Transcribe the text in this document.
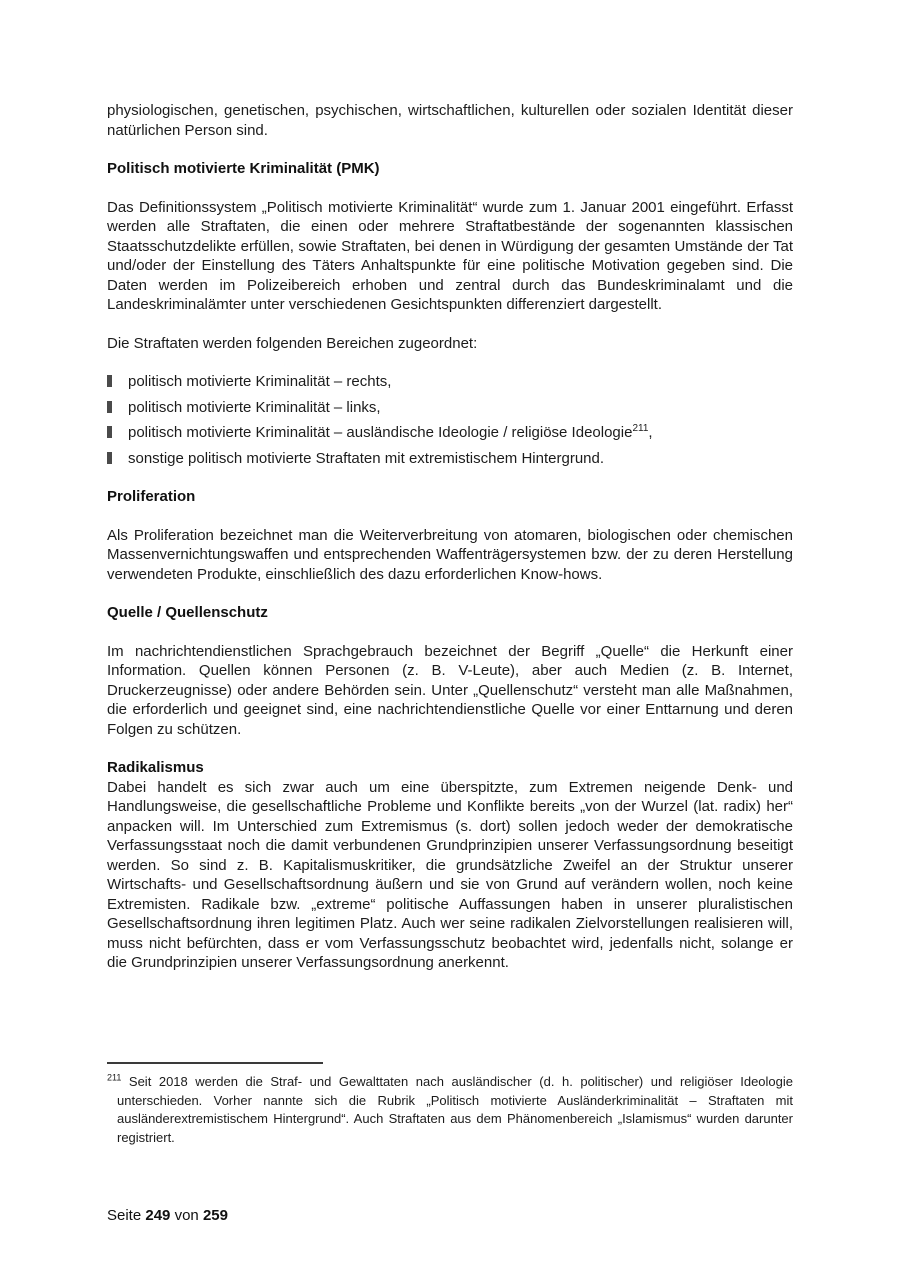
physiologischen, genetischen, psychischen, wirtschaftlichen, kulturellen oder sozialen Identität dieser natürlichen Person sind.

Politisch motivierte Kriminalität (PMK)

Das Definitionssystem „Politisch motivierte Kriminalität“ wurde zum 1. Januar 2001 eingeführt. Erfasst werden alle Straftaten, die einen oder mehrere Straftatbestände der sogenannten klassischen Staatsschutzdelikte erfüllen, sowie Straftaten, bei denen in Würdigung der gesamten Umstände der Tat und/oder der Einstellung des Täters Anhaltspunkte für eine politische Motivation gegeben sind. Die Daten werden im Polizeibereich erhoben und zentral durch das Bundeskriminalamt und die Landeskriminalämter unter verschiedenen Gesichtspunkten differenziert dargestellt.

Die Straftaten werden folgenden Bereichen zugeordnet:

politisch motivierte Kriminalität – rechts,
politisch motivierte Kriminalität – links,
politisch motivierte Kriminalität – ausländische Ideologie / religiöse Ideologie$^{211}$,
sonstige politisch motivierte Straftaten mit extremistischem Hintergrund.
Proliferation

Als Proliferation bezeichnet man die Weiterverbreitung von atomaren, biologischen oder chemischen Massenvernichtungswaffen und entsprechenden Waffenträgersystemen bzw. der zu deren Herstellung verwendeten Produkte, einschließlich des dazu erforderlichen Know-hows.

Quelle / Quellenschutz

Im nachrichtendienstlichen Sprachgebrauch bezeichnet der Begriff „Quelle“ die Herkunft einer Information. Quellen können Personen (z. B. V-Leute), aber auch Medien (z. B. Internet, Druckerzeugnisse) oder andere Behörden sein. Unter „Quellenschutz“ versteht man alle Maßnahmen, die erforderlich und geeignet sind, eine nachrichtendienstliche Quelle vor einer Enttarnung und deren Folgen zu schützen.

Radikalismus

Dabei handelt es sich zwar auch um eine überspitzte, zum Extremen neigende Denk- und Handlungsweise, die gesellschaftliche Probleme und Konflikte bereits „von der Wurzel (lat. radix) her“ anpacken will. Im Unterschied zum Extremismus (s. dort) sollen jedoch weder der demokratische Verfassungsstaat noch die damit verbundenen Grundprinzipien unserer Verfassungsordnung beseitigt werden. So sind z. B. Kapitalismuskritiker, die grundsätzliche Zweifel an der Struktur unserer Wirtschafts- und Gesellschaftsordnung äußern und sie von Grund auf verändern wollen, noch keine Extremisten. Radikale bzw. „extreme“ politische Auffassungen haben in unserer pluralistischen Gesellschaftsordnung ihren legitimen Platz. Auch wer seine radikalen Zielvorstellungen realisieren will, muss nicht befürchten, dass er vom Verfassungsschutz beobachtet wird, jedenfalls nicht, solange er die Grundprinzipien unserer Verfassungsordnung anerkennt.

$^{211}$ Seit 2018 werden die Straf- und Gewalttaten nach ausländischer (d. h. politischer) und religiöser Ideologie unterschieden. Vorher nannte sich die Rubrik „Politisch motivierte Ausländerkriminalität – Straftaten mit ausländerextremistischem Hintergrund“. Auch Straftaten aus dem Phänomenbereich „Islamismus“ wurden darunter registriert.

Seite 249 von 259
